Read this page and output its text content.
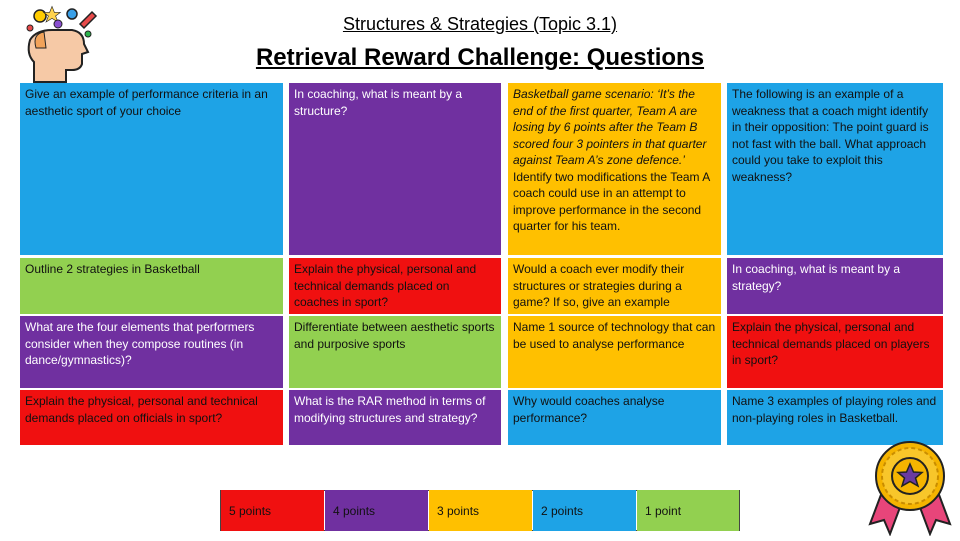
Structures & Strategies (Topic 3.1)
Retrieval Reward Challenge: Questions
Give an example of performance criteria in an aesthetic sport of your choice
In coaching, what is meant by a structure?
Basketball game scenario: ‘It’s the end of the first quarter, Team A are losing by 6 points after the Team B scored four 3 pointers in that quarter against Team A’s zone defence.’
Identify two modifications the Team A coach could use in an attempt to improve performance in the second quarter for his team.
The following is an example of a weakness that a coach might identify in their opposition: The point guard is not fast with the ball. What approach could you take to exploit this weakness?
Outline 2 strategies in Basketball	Explain the physical, personal and technical demands placed on coaches in sport?
Would a coach ever modify their structures or strategies during a game? If so, give an example
In coaching, what is meant by a strategy?
What are the four elements that performers consider when they compose routines (in dance/gymnastics)?
Differentiate between aesthetic sports and purposive sports
Name 1 source of technology that can be used to analyse performance
Explain the physical, personal and technical demands placed on players in sport?
Explain the physical, personal and technical demands placed on officials in sport?
What is the RAR method in terms of modifying structures and strategy?
Why would coaches analyse performance?
Name 3 examples of playing roles and non-playing roles in Basketball.
5 points	4 points	3 points	2 points	1 point
